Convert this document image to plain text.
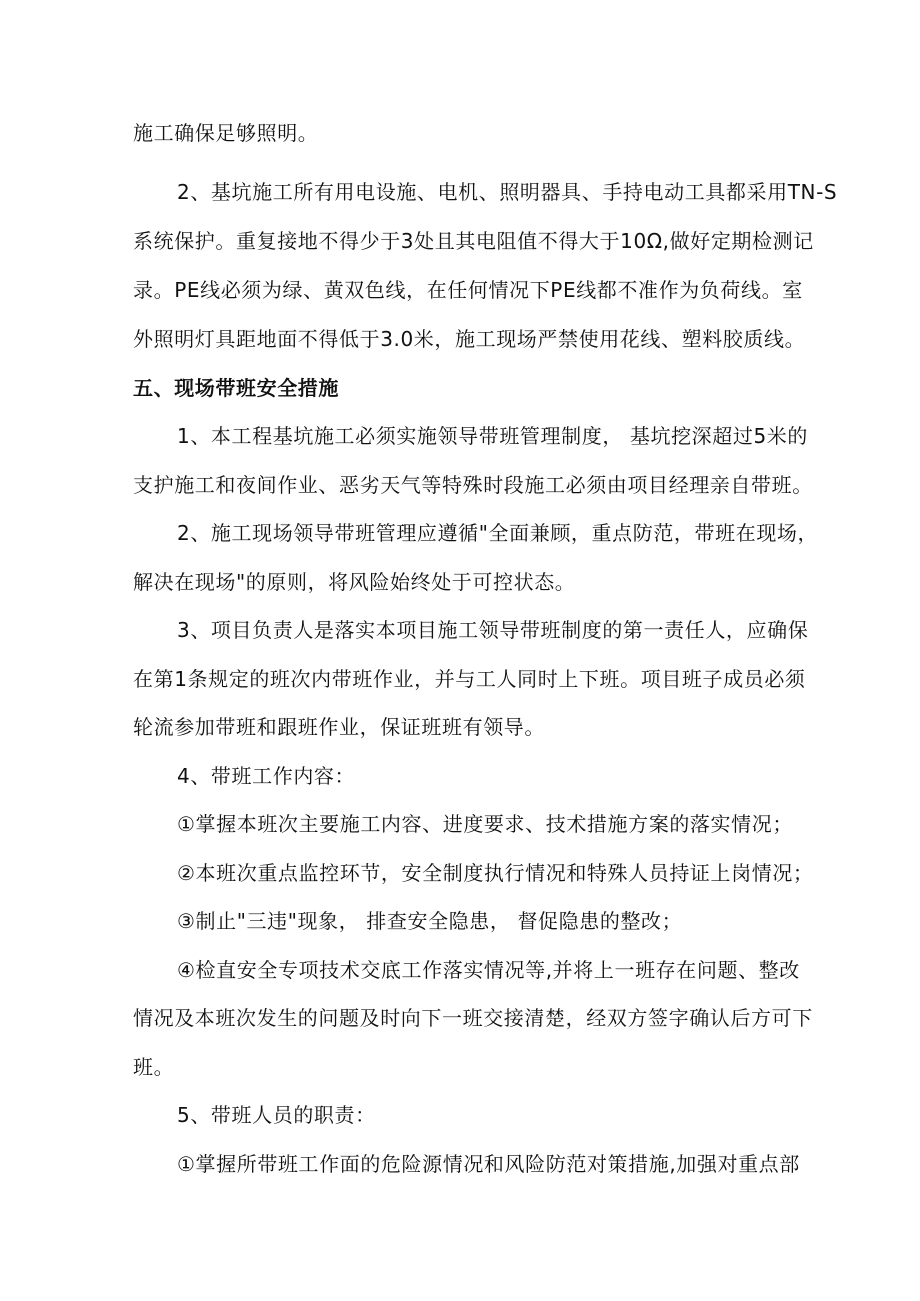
施工确保足够照明。
2、基坑施工所有用电设施、电机、照明器具、手持电动工具都采用TN-S
系统保护。重复接地不得少于3处且其电阻值不得大于10Ω,做好定期检测记
录。PE线必须为绿、黄双色线，在任何情况下PE线都不准作为负荷线。室
外照明灯具距地面不得低于3.0米，施工现场严禁使用花线、塑料胶质线。
五、现场带班安全措施
1、本工程基坑施工必须实施领导带班管理制度， 基坑挖深超过5米的
支护施工和夜间作业、恶劣天气等特殊时段施工必须由项目经理亲自带班。
2、施工现场领导带班管理应遵循"全面兼顾，重点防范，带班在现场，
解决在现场"的原则，将风险始终处于可控状态。
3、项目负责人是落实本项目施工领导带班制度的第一责任人，应确保
在第1条规定的班次内带班作业，并与工人同时上下班。项目班子成员必须
轮流参加带班和跟班作业，保证班班有领导。
4、带班工作内容：
①掌握本班次主要施工内容、进度要求、技术措施方案的落实情况；
②本班次重点监控环节，安全制度执行情况和特殊人员持证上岗情况；
③制止"三违"现象， 排查安全隐患， 督促隐患的整改；
④检直安全专项技术交底工作落实情况等,并将上一班存在问题、整改
情况及本班次发生的问题及时向下一班交接清楚，经双方签字确认后方可下
班。
5、带班人员的职责：
①掌握所带班工作面的危险源情况和风险防范对策措施,加强对重点部
